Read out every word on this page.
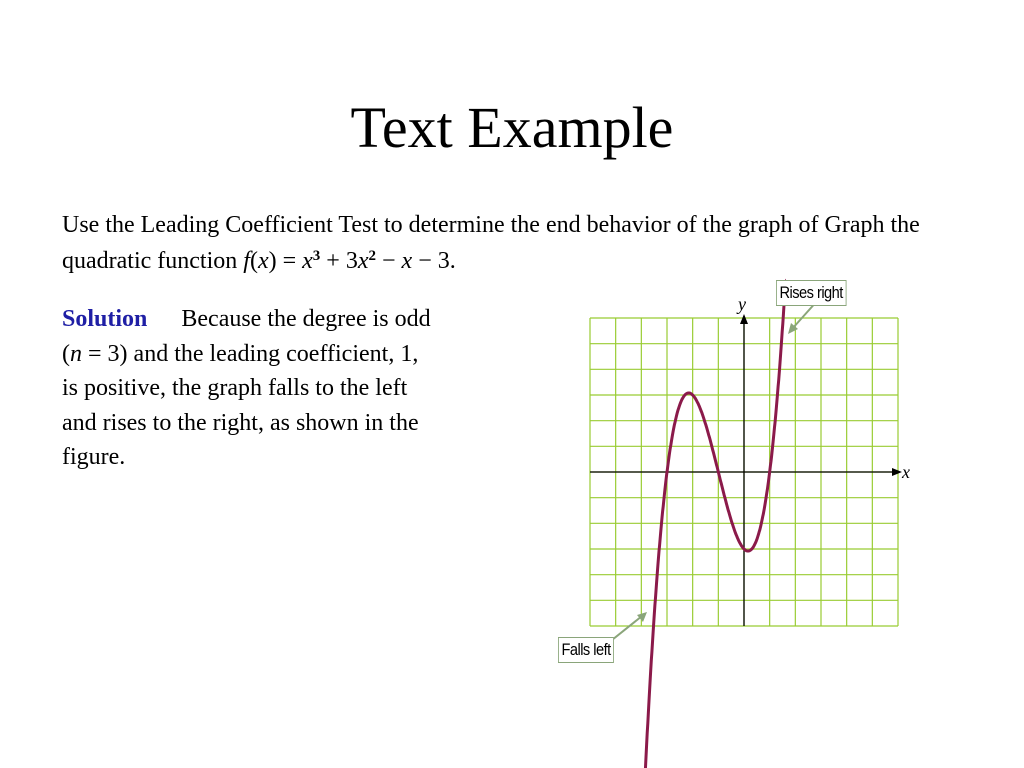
Text Example
Use the Leading Coefficient Test to determine the end behavior of the graph of Graph the quadratic function $f(x) = x^3 + 3x^2 - x - 3$.
Solution Because the degree is odd
(n = 3) and the leading coefficient, 1,
is positive, the graph falls to the left
and rises to the right, as shown in the
figure.
y
x
Rises right
Falls left
